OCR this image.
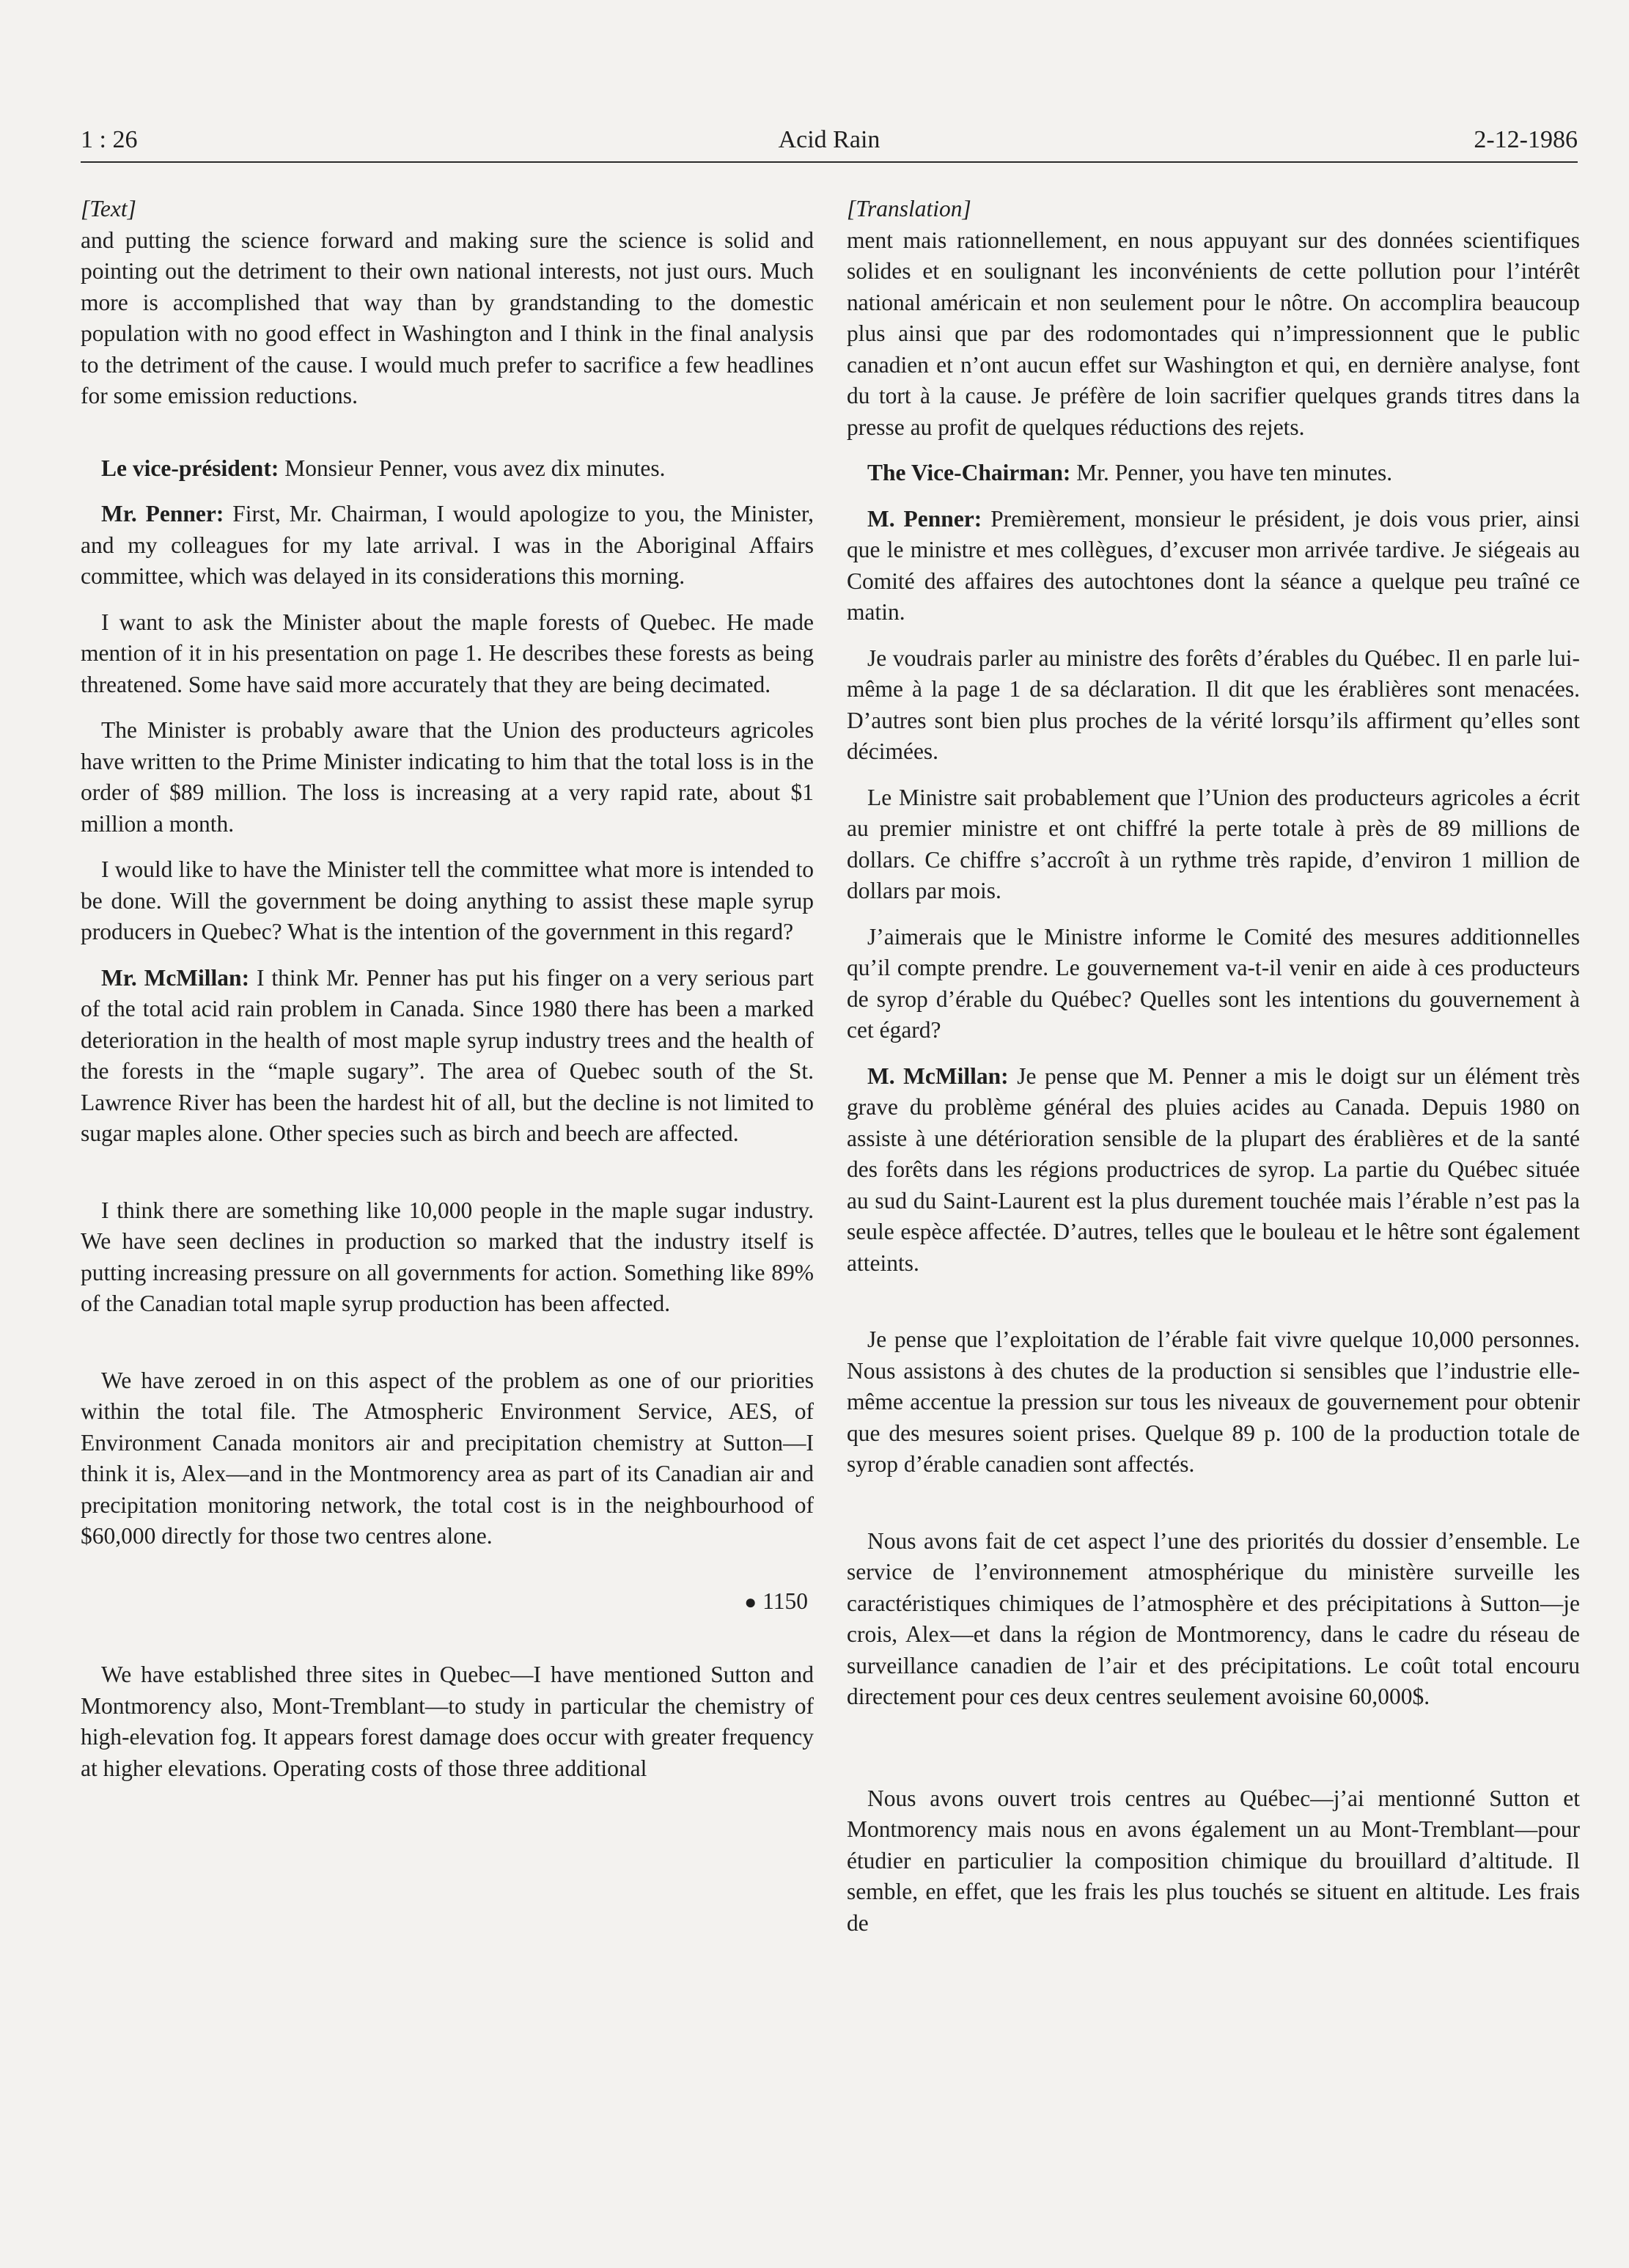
1 : 26	Acid Rain	2-12-1986

[Text]

and putting the science forward and making sure the science is solid and pointing out the detriment to their own national interests, not just ours. Much more is accomplished that way than by grandstanding to the domestic population with no good effect in Washington and I think in the final analysis to the detriment of the cause. I would much prefer to sacrifice a few headlines for some emission reductions.

Le vice-président: Monsieur Penner, vous avez dix minutes.

Mr. Penner: First, Mr. Chairman, I would apologize to you, the Minister, and my colleagues for my late arrival. I was in the Aboriginal Affairs committee, which was delayed in its considerations this morning.

I want to ask the Minister about the maple forests of Quebec. He made mention of it in his presentation on page 1. He describes these forests as being threatened. Some have said more accurately that they are being decimated.

The Minister is probably aware that the Union des producteurs agricoles have written to the Prime Minister indicating to him that the total loss is in the order of $89 million. The loss is increasing at a very rapid rate, about $1 million a month.

I would like to have the Minister tell the committee what more is intended to be done. Will the government be doing anything to assist these maple syrup producers in Quebec? What is the intention of the government in this regard?

Mr. McMillan: I think Mr. Penner has put his finger on a very serious part of the total acid rain problem in Canada. Since 1980 there has been a marked deterioration in the health of most maple syrup industry trees and the health of the forests in the “maple sugary”. The area of Quebec south of the St. Lawrence River has been the hardest hit of all, but the decline is not limited to sugar maples alone. Other species such as birch and beech are affected.

I think there are something like 10,000 people in the maple sugar industry. We have seen declines in production so marked that the industry itself is putting increasing pressure on all governments for action. Something like 89% of the Canadian total maple syrup production has been affected.

We have zeroed in on this aspect of the problem as one of our priorities within the total file. The Atmospheric Environment Service, AES, of Environment Canada monitors air and precipitation chemistry at Sutton—I think it is, Alex—and in the Montmorency area as part of its Canadian air and precipitation monitoring network, the total cost is in the neighbourhood of $60,000 directly for those two centres alone.

● 1150

We have established three sites in Quebec—I have mentioned Sutton and Montmorency also, Mont-Tremblant—to study in particular the chemistry of high-elevation fog. It appears forest damage does occur with greater frequency at higher elevations. Operating costs of those three additional

[Translation]

ment mais rationnellement, en nous appuyant sur des données scientifiques solides et en soulignant les inconvénients de cette pollution pour l’intérêt national américain et non seulement pour le nôtre. On accomplira beaucoup plus ainsi que par des rodomontades qui n’impressionnent que le public canadien et n’ont aucun effet sur Washington et qui, en dernière analyse, font du tort à la cause. Je préfère de loin sacrifier quelques grands titres dans la presse au profit de quelques réductions des rejets.

The Vice-Chairman: Mr. Penner, you have ten minutes.

M. Penner: Premièrement, monsieur le président, je dois vous prier, ainsi que le ministre et mes collègues, d’excuser mon arrivée tardive. Je siégeais au Comité des affaires des autochtones dont la séance a quelque peu traîné ce matin.

Je voudrais parler au ministre des forêts d’érables du Québec. Il en parle lui-même à la page 1 de sa déclaration. Il dit que les érablières sont menacées. D’autres sont bien plus proches de la vérité lorsqu’ils affirment qu’elles sont décimées.

Le Ministre sait probablement que l’Union des producteurs agricoles a écrit au premier ministre et ont chiffré la perte totale à près de 89 millions de dollars. Ce chiffre s’accroît à un rythme très rapide, d’environ 1 million de dollars par mois.

J’aimerais que le Ministre informe le Comité des mesures additionnelles qu’il compte prendre. Le gouvernement va-t-il venir en aide à ces producteurs de syrop d’érable du Québec? Quelles sont les intentions du gouvernement à cet égard?

M. McMillan: Je pense que M. Penner a mis le doigt sur un élément très grave du problème général des pluies acides au Canada. Depuis 1980 on assiste à une détérioration sensible de la plupart des érablières et de la santé des forêts dans les régions productrices de syrop. La partie du Québec située au sud du Saint-Laurent est la plus durement touchée mais l’érable n’est pas la seule espèce affectée. D’autres, telles que le bouleau et le hêtre sont également atteints.

Je pense que l’exploitation de l’érable fait vivre quelque 10,000 personnes. Nous assistons à des chutes de la production si sensibles que l’industrie elle-même accentue la pression sur tous les niveaux de gouvernement pour obtenir que des mesures soient prises. Quelque 89 p. 100 de la production totale de syrop d’érable canadien sont affectés.

Nous avons fait de cet aspect l’une des priorités du dossier d’ensemble. Le service de l’environnement atmosphérique du ministère surveille les caractéristiques chimiques de l’atmosphère et des précipitations à Sutton—je crois, Alex—et dans la région de Montmorency, dans le cadre du réseau de surveillance canadien de l’air et des précipitations. Le coût total encouru directement pour ces deux centres seulement avoisine 60,000$.

Nous avons ouvert trois centres au Québec—j’ai mentionné Sutton et Montmorency mais nous en avons également un au Mont-Tremblant—pour étudier en particulier la composition chimique du brouillard d’altitude. Il semble, en effet, que les frais les plus touchés se situent en altitude. Les frais de
